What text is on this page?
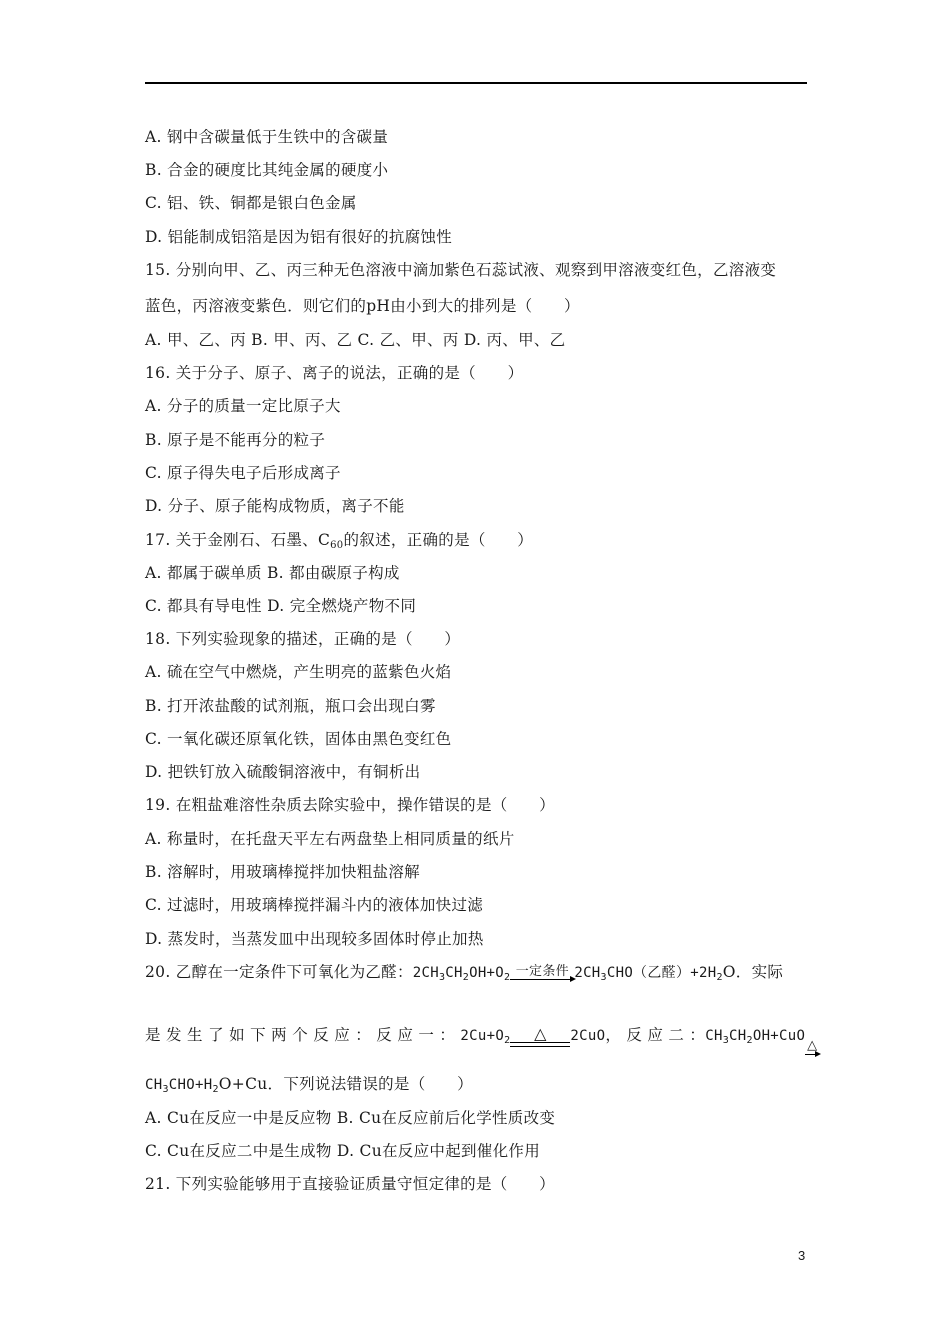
A. 钢中含碳量低于生铁中的含碳量
B. 合金的硬度比其纯金属的硬度小
C. 铝、铁、铜都是银白色金属
D. 铝能制成铝箔是因为铝有很好的抗腐蚀性
15. 分别向甲、乙、丙三种无色溶液中滴加紫色石蕊试液、观察到甲溶液变红色，乙溶液变
蓝色，丙溶液变紫色．则它们的pH由小到大的排列是（　　）
A. 甲、乙、丙 B. 甲、丙、乙 C. 乙、甲、丙 D. 丙、甲、乙
16. 关于分子、原子、离子的说法，正确的是（　　）
A. 分子的质量一定比原子大
B. 原子是不能再分的粒子
C. 原子得失电子后形成离子
D. 分子、原子能构成物质，离子不能
17. 关于金刚石、石墨、$C_{60}$的叙述，正确的是（　　）
A. 都属于碳单质 B. 都由碳原子构成
C. 都具有导电性 D. 完全燃烧产物不同
18. 下列实验现象的描述，正确的是（　　）
A. 硫在空气中燃烧，产生明亮的蓝紫色火焰
B. 打开浓盐酸的试剂瓶，瓶口会出现白雾
C. 一氧化碳还原氧化铁，固体由黑色变红色
D. 把铁钉放入硫酸铜溶液中，有铜析出
19. 在粗盐难溶性杂质去除实验中，操作错误的是（　　）
A. 称量时，在托盘天平左右两盘垫上相同质量的纸片
B. 溶解时，用玻璃棒搅拌加快粗盐溶解
C. 过滤时，用玻璃棒搅拌漏斗内的液体加快过滤
D. 蒸发时，当蒸发皿中出现较多固体时停止加热
20. 乙醇在一定条件下可氧化为乙醛：$2CH_3CH_2OH+O_2$ 一定条件 $2CH_3CHO$（乙醛）$+2H_2O$．实际
是 发 生 了 如 下 两 个 反 应 ： 反 应 一 ： $2Cu+O_2$	△	2CuO， 反 应 二 ：$CH_3CH_2OH+CuO$
△
$CH_3CHO+H_2O+Cu$．下列说法错误的是（　　）
A. Cu在反应一中是反应物 B. Cu在反应前后化学性质改变
C. Cu在反应二中是生成物 D. Cu在反应中起到催化作用
21. 下列实验能够用于直接验证质量守恒定律的是（　　）
3
